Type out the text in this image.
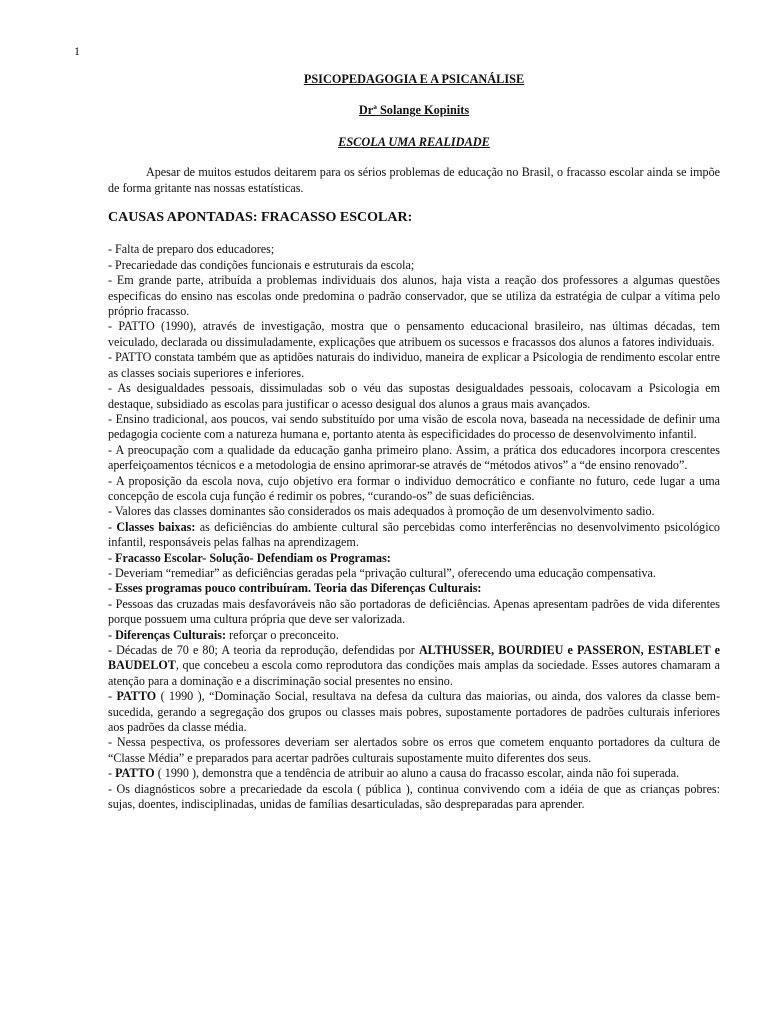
1

PSICOPEDAGOGIA E A PSICANÁLISE

Drª Solange Kopinits

ESCOLA UMA REALIDADE

Apesar de muitos estudos deitarem para os sérios problemas de educação no Brasil, o fracasso escolar ainda se impõe de forma gritante nas nossas estatísticas.

CAUSAS APONTADAS: FRACASSO ESCOLAR:

- Falta de preparo dos educadores;

- Precariedade das condições funcionais e estruturais da escola;

- Em grande parte, atribuída a problemas individuais dos alunos, haja vista a reação dos professores a algumas questões especificas do ensino nas escolas onde predomina o padrão conservador, que se utiliza da estratégia de culpar a vítima pelo próprio fracasso.

- PATTO (1990), através de investigação, mostra que o pensamento educacional brasileiro, nas últimas décadas, tem veiculado, declarada ou dissimuladamente, explicações que atribuem os sucessos e fracassos dos alunos a fatores individuais.

- PATTO constata também que as aptidões naturais do individuo, maneira de explicar a Psicologia de rendimento escolar entre as classes sociais superiores e inferiores.

- As desigualdades pessoais, dissimuladas sob o véu das supostas desigualdades pessoais, colocavam a Psicologia em destaque, subsidiado as escolas para justificar o acesso desigual dos alunos a graus mais avançados.

- Ensino tradicional, aos poucos, vai sendo substituído por uma visão de escola nova, baseada na necessidade de definir uma pedagogia cociente com a natureza humana e, portanto atenta às especificidades do processo de desenvolvimento infantil.

- A preocupação com a qualidade da educação ganha primeiro plano. Assim, a prática dos educadores incorpora crescentes aperfeiçoamentos técnicos e a metodologia de ensino aprimorar-se através de “métodos ativos” a “de ensino renovado”.

- A proposição da escola nova, cujo objetivo era formar o individuo democrático e confiante no futuro, cede lugar a uma concepção de escola cuja função é redimir os pobres, “curando-os” de suas deficiências.

- Valores das classes dominantes são considerados os mais adequados à promoção de um desenvolvimento sadio.

- Classes baixas: as deficiências do ambiente cultural são percebidas como interferências no desenvolvimento psicológico infantil, responsáveis pelas falhas na aprendizagem.

- Fracasso Escolar- Solução- Defendiam os Programas:

- Deveriam “remediar” as deficiências geradas pela “privação cultural”, oferecendo uma educação compensativa.

- Esses programas pouco contribuíram. Teoria das Diferenças Culturais:

- Pessoas das cruzadas mais desfavoráveis não são portadoras de deficiências. Apenas apresentam padrões de vida diferentes porque possuem uma cultura própria que deve ser valorizada.

- Diferenças Culturais: reforçar o preconceito.

- Décadas de 70 e 80; A teoria da reprodução, defendidas por ALTHUSSER, BOURDIEU e PASSERON, ESTABLET e BAUDELOT, que concebeu a escola como reprodutora das condições mais amplas da sociedade. Esses autores chamaram a atenção para a dominação e a discriminação social presentes no ensino.

- PATTO ( 1990 ), “Dominação Social, resultava na defesa da cultura das maiorias, ou ainda, dos valores da classe bem- sucedida, gerando a segregação dos grupos ou classes mais pobres, supostamente portadores de padrões culturais inferiores aos padrões da classe média.

- Nessa pespectiva, os professores deveriam ser alertados sobre os erros que cometem enquanto portadores da cultura de “Classe Média” e preparados para acertar padrões culturais supostamente muito diferentes dos seus.

- PATTO ( 1990 ), demonstra que a tendência de atribuir ao aluno a causa do fracasso escolar, ainda não foi superada.

- Os diagnósticos sobre a precariedade da escola ( pública ), continua convivendo com a idéia de que as crianças pobres: sujas, doentes, indisciplinadas, unidas de famílias desarticuladas, são despreparadas para aprender.
